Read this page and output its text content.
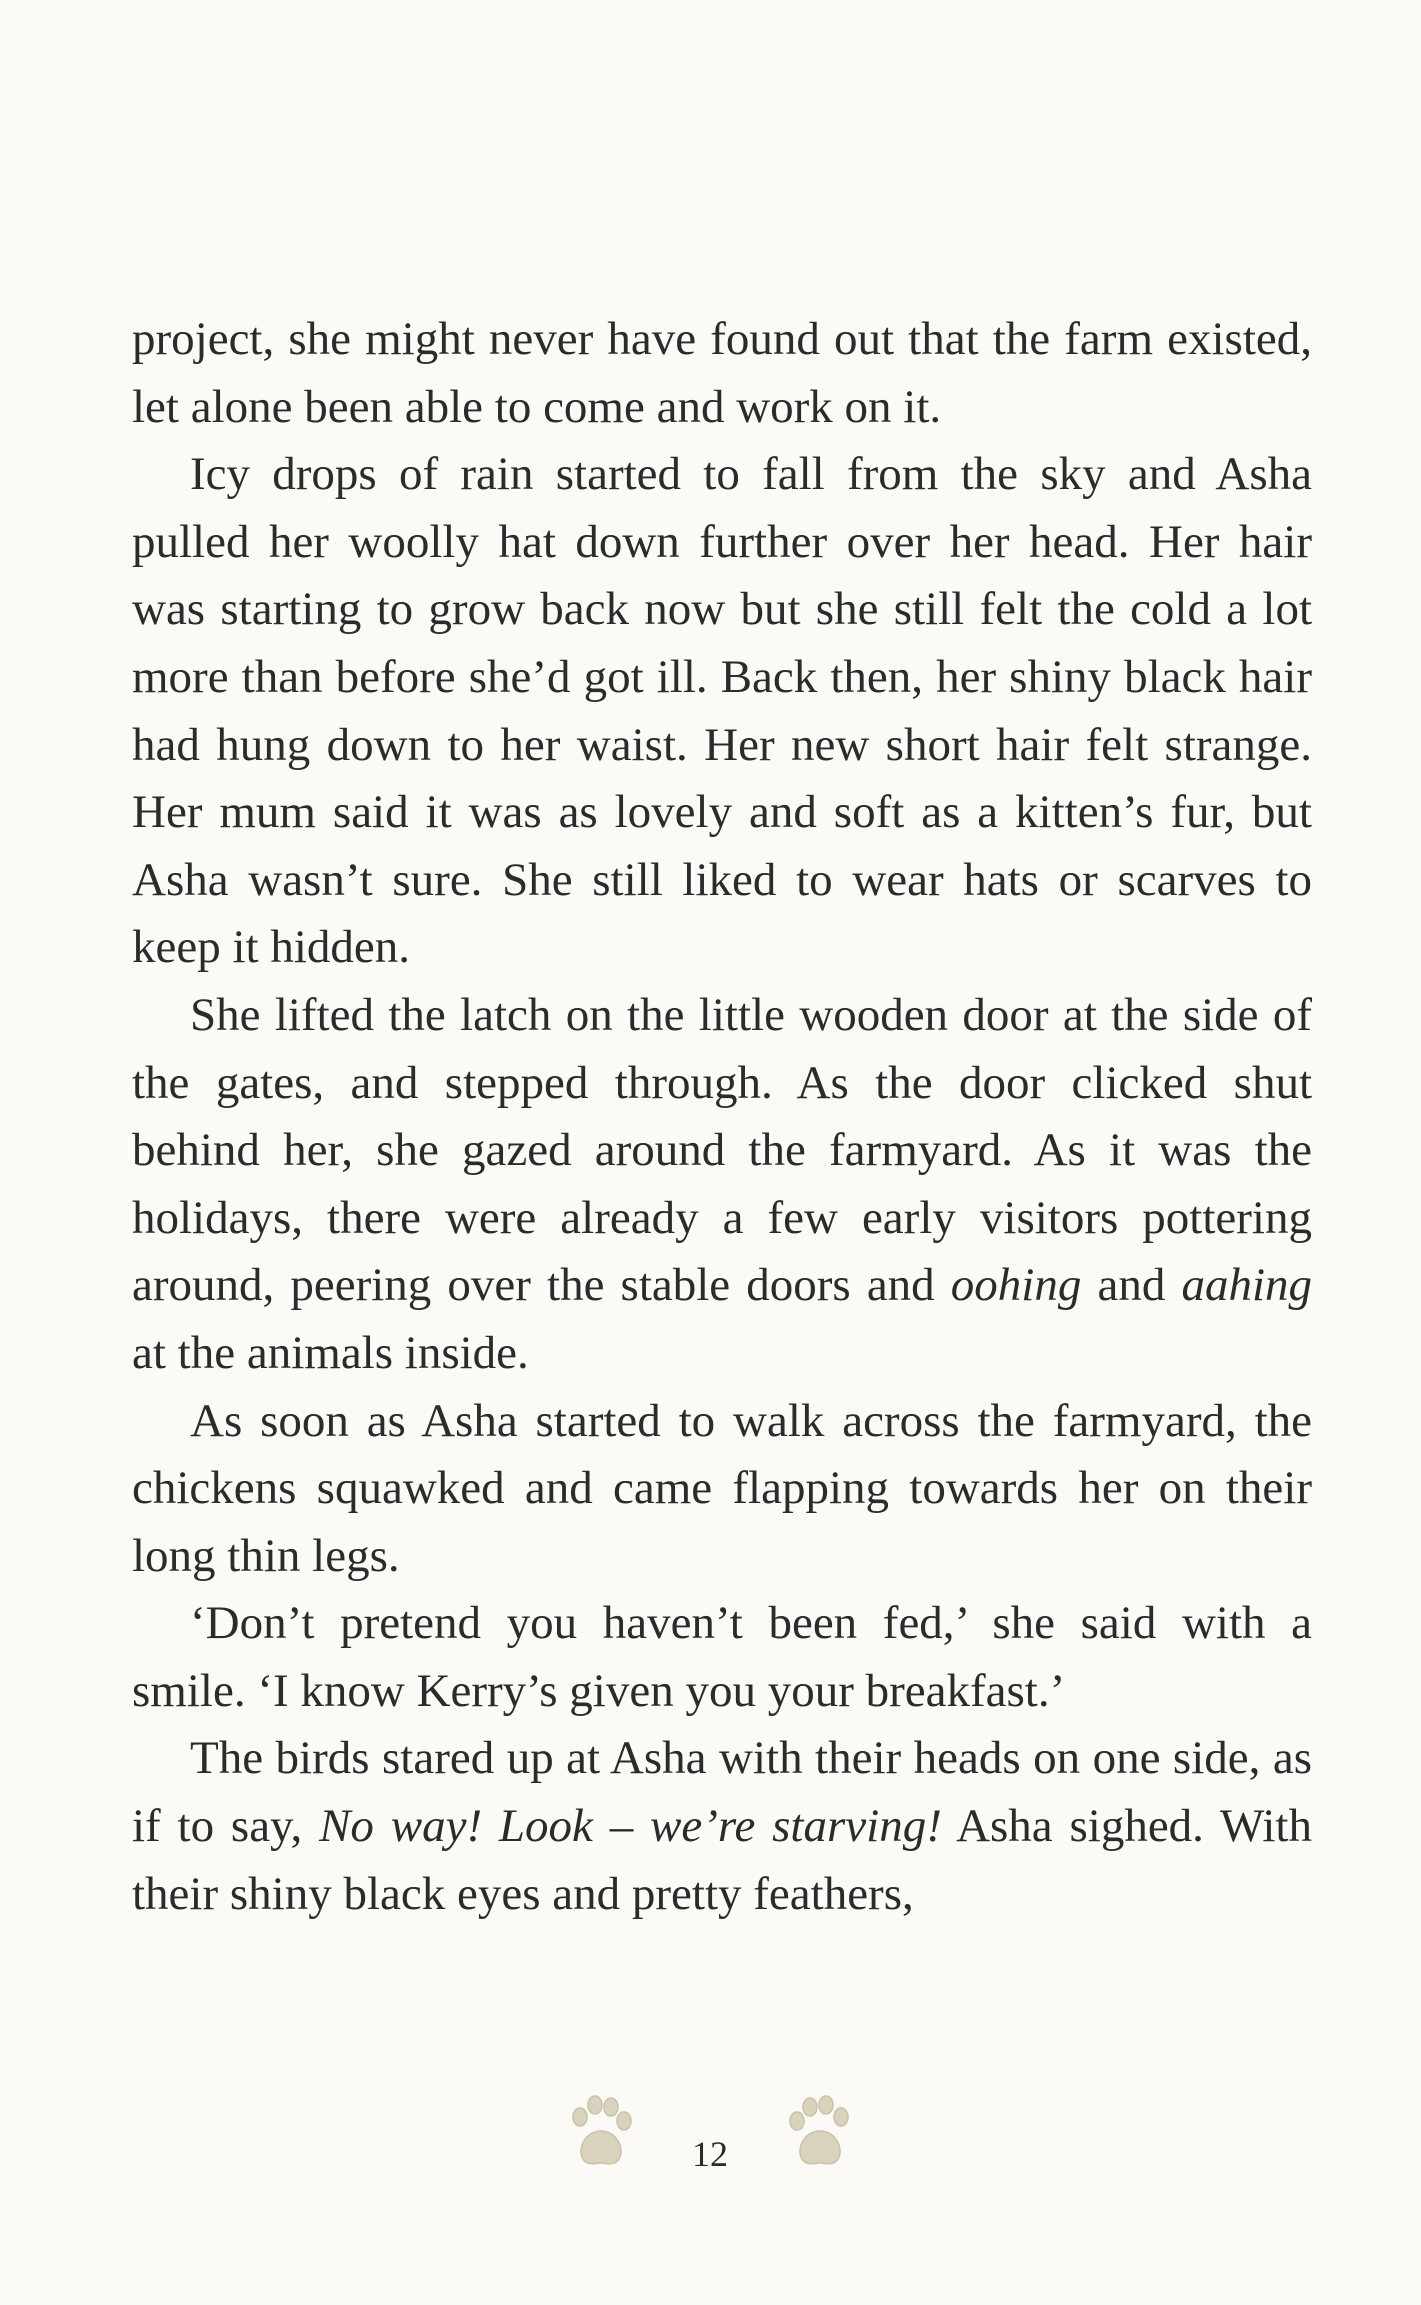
project, she might never have found out that the farm existed, let alone been able to come and work on it.

Icy drops of rain started to fall from the sky and Asha pulled her woolly hat down further over her head. Her hair was starting to grow back now but she still felt the cold a lot more than before she’d got ill. Back then, her shiny black hair had hung down to her waist. Her new short hair felt strange. Her mum said it was as lovely and soft as a kitten’s fur, but Asha wasn’t sure. She still liked to wear hats or scarves to keep it hidden.

She lifted the latch on the little wooden door at the side of the gates, and stepped through. As the door clicked shut behind her, she gazed around the farmyard. As it was the holidays, there were already a few early visitors pottering around, peering over the stable doors and oohing and aahing at the animals inside.

As soon as Asha started to walk across the farmyard, the chickens squawked and came flapping towards her on their long thin legs.

‘Don’t pretend you haven’t been fed,’ she said with a smile. ‘I know Kerry’s given you your breakfast.’

The birds stared up at Asha with their heads on one side, as if to say, No way! Look – we’re starving! Asha sighed. With their shiny black eyes and pretty feathers,

12
